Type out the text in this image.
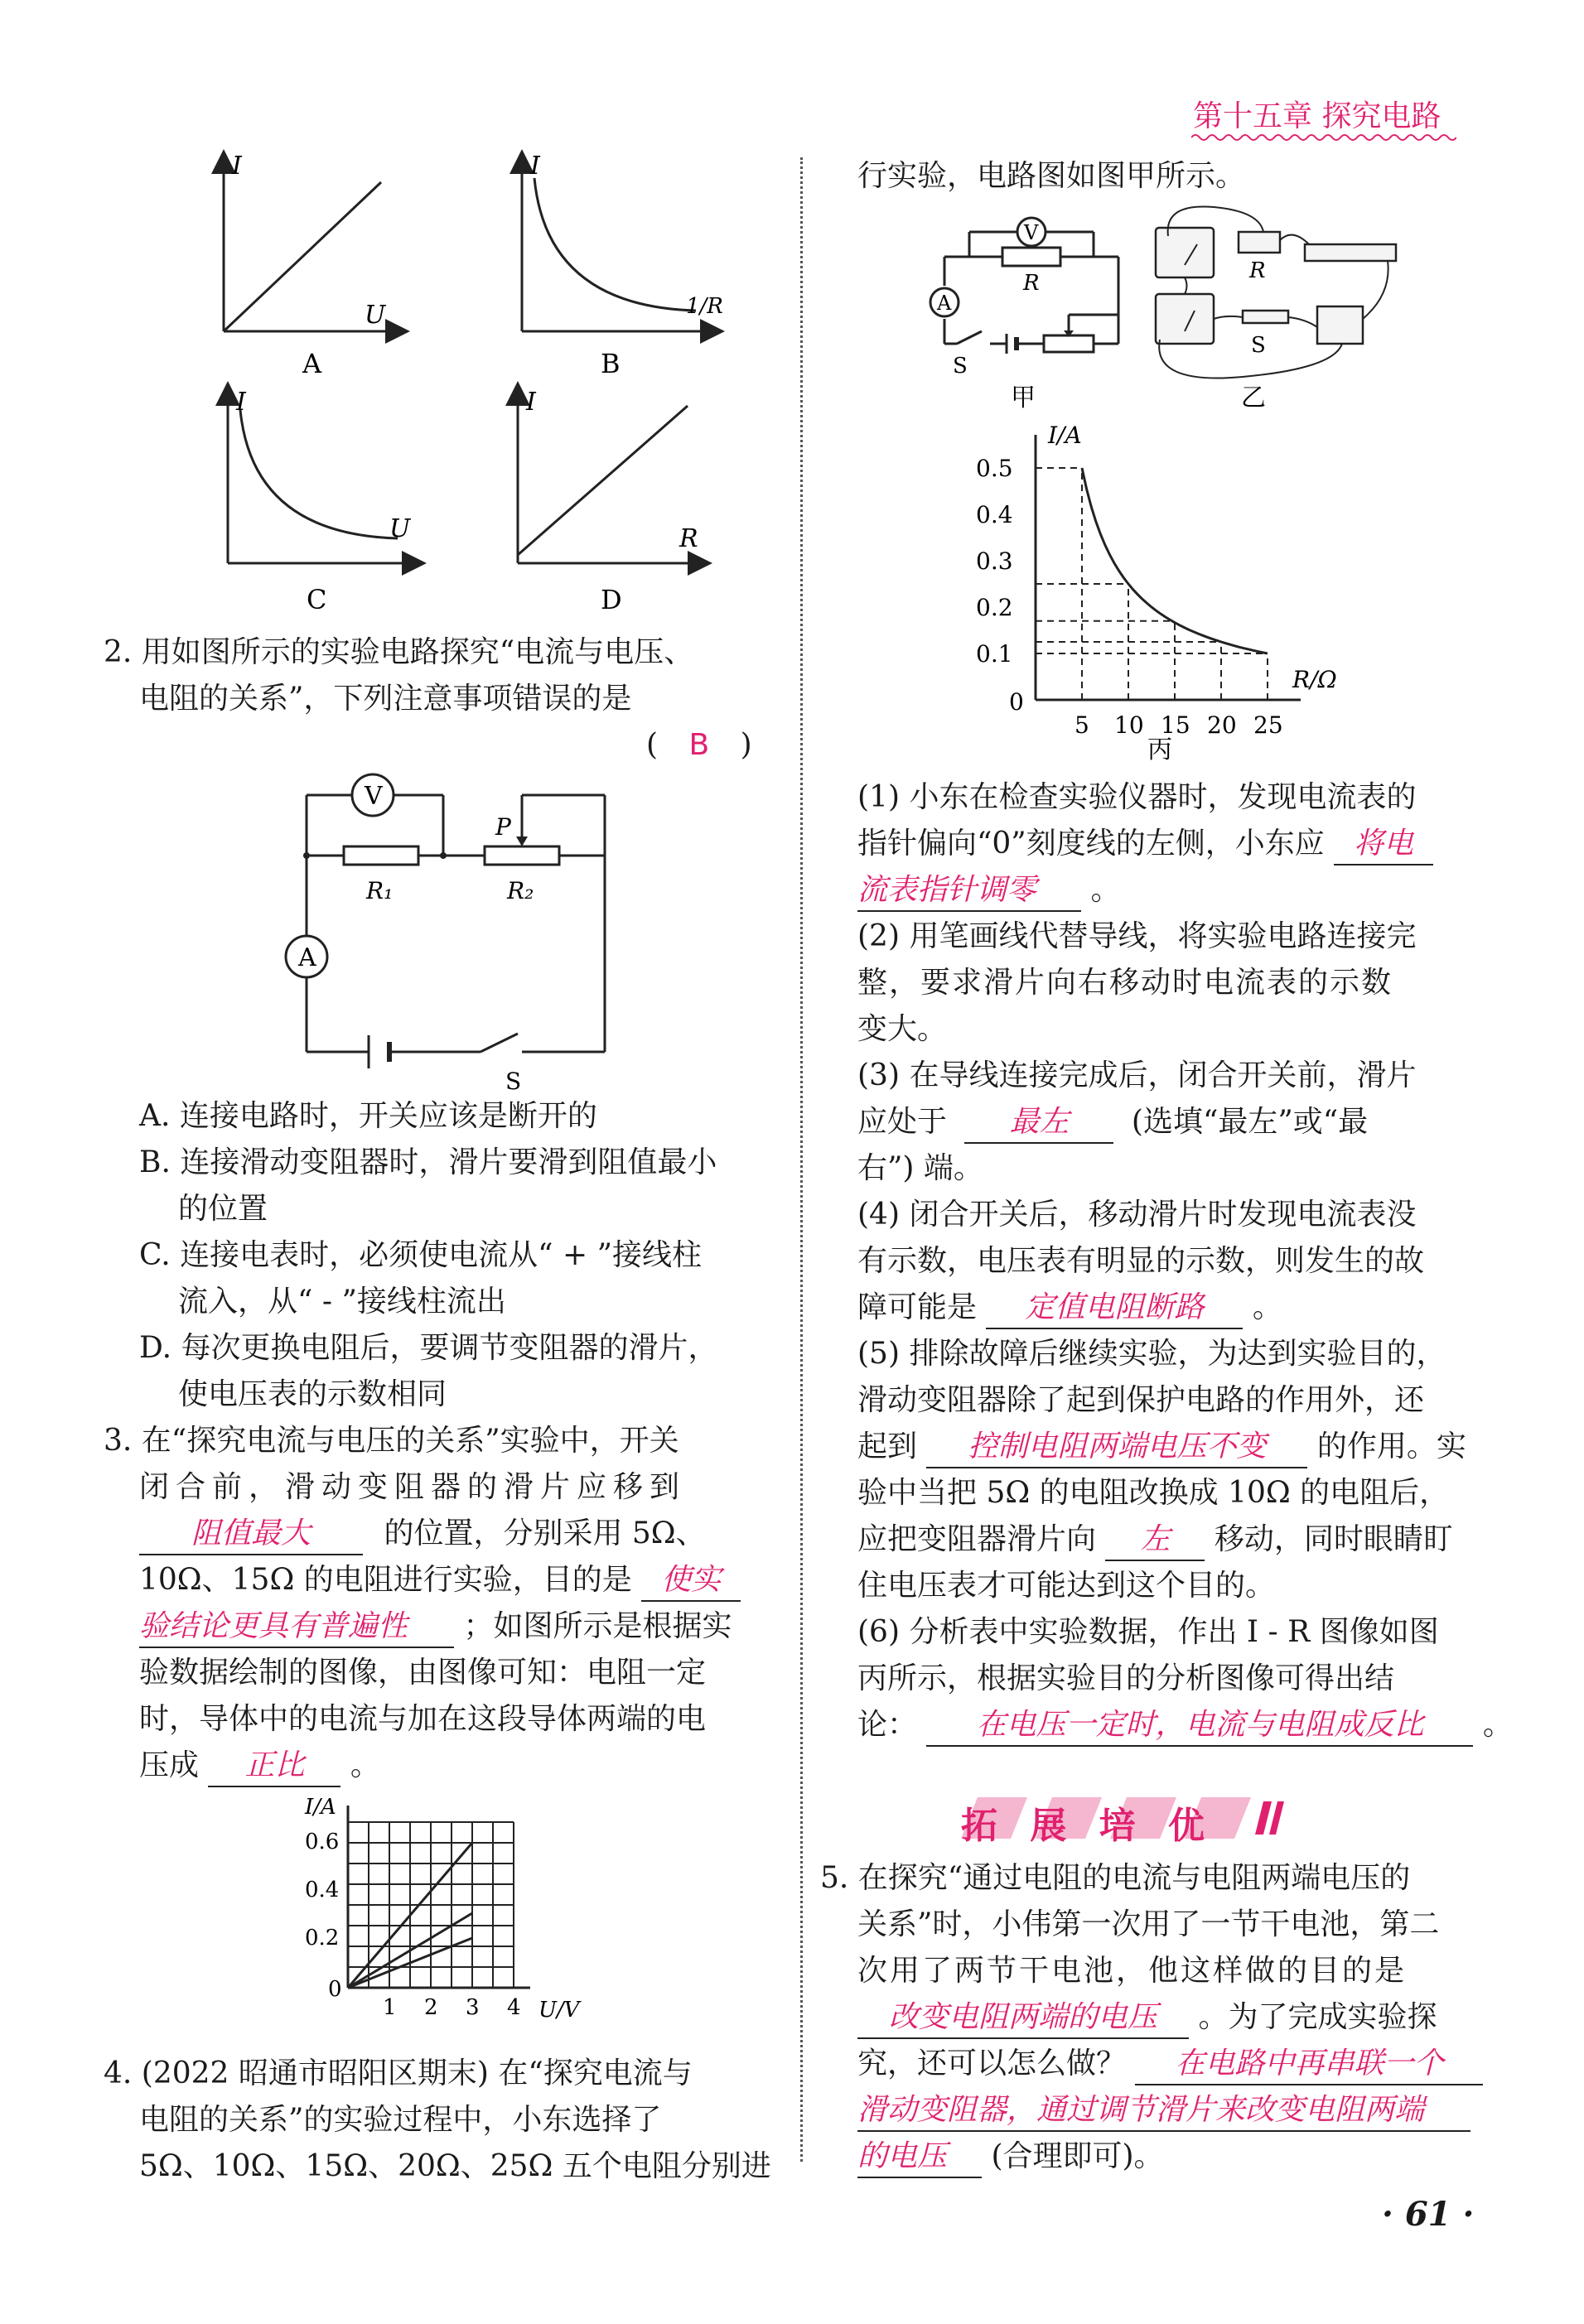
第十五章 探究电路
I
U
A
I
1/R
B
I
U
C
I
R
D
2. 用如图所示的实验电路探究“电流与电压、
电阻的关系”，下列注意事项错误的是
( B )
V
A
R₁	R₂
P
S
A. 连接电路时，开关应该是断开的
B. 连接滑动变阻器时，滑片要滑到阻值最小
的位置
C. 连接电表时，必须使电流从“ + ”接线柱
流入，从“ - ”接线柱流出
D. 每次更换电阻后，要调节变阻器的滑片，
使电压表的示数相同
3. 在“探究电流与电压的关系”实验中，开关
闭合前，滑动变阻器的滑片应移到
阻值最大 的位置，分别采用 5Ω、
10Ω、15Ω 的电阻进行实验，目的是 使实
验结论更具有普遍性 ；如图所示是根据实
验数据绘制的图像，由图像可知：电阻一定
时，导体中的电流与加在这段导体两端的电
压成 正比 。
I/A
0.6
0.4
0.2
0
1 2 3 4 U/V
4. (2022 昭通市昭阳区期末) 在“探究电流与
电阻的关系”的实验过程中，小东选择了
5Ω、10Ω、15Ω、20Ω、25Ω 五个电阻分别进
行实验，电路图如图甲所示。
V
A
R
S
甲
R
S
乙
0.5
0.4
0.3
0.2
0.1
0
5 10 15 20 25
I/A
R/Ω
丙
(1) 小东在检查实验仪器时，发现电流表的
指针偏向“0”刻度线的左侧，小东应 将电
流表指针调零 。
(2) 用笔画线代替导线，将实验电路连接完
整，要求滑片向右移动时电流表的示数
变大。
(3) 在导线连接完成后，闭合开关前，滑片
应处于 最左 (选填“最左”或“最
右”) 端。
(4) 闭合开关后，移动滑片时发现电流表没
有示数，电压表有明显的示数，则发生的故
障可能是 定值电阻断路 。
(5) 排除故障后继续实验，为达到实验目的，
滑动变阻器除了起到保护电路的作用外，还
起到 控制电阻两端电压不变 的作用。实
验中当把 5Ω 的电阻改换成 10Ω 的电阻后，
应把变阻器滑片向 左 移动，同时眼睛盯
住电压表才可能达到这个目的。
(6) 分析表中实验数据，作出 I - R 图像如图
丙所示，根据实验目的分析图像可得出结
论： 在电压一定时，电流与电阻成反比 。
拓 展 培 优
5. 在探究“通过电阻的电流与电阻两端电压的
关系”时，小伟第一次用了一节干电池，第二
次用了两节干电池，他这样做的目的是
改变电阻两端的电压 。为了完成实验探
究，还可以怎么做？ 在电路中再串联一个
滑动变阻器，通过调节滑片来改变电阻两端
的电压 (合理即可)。
· 61 ·
